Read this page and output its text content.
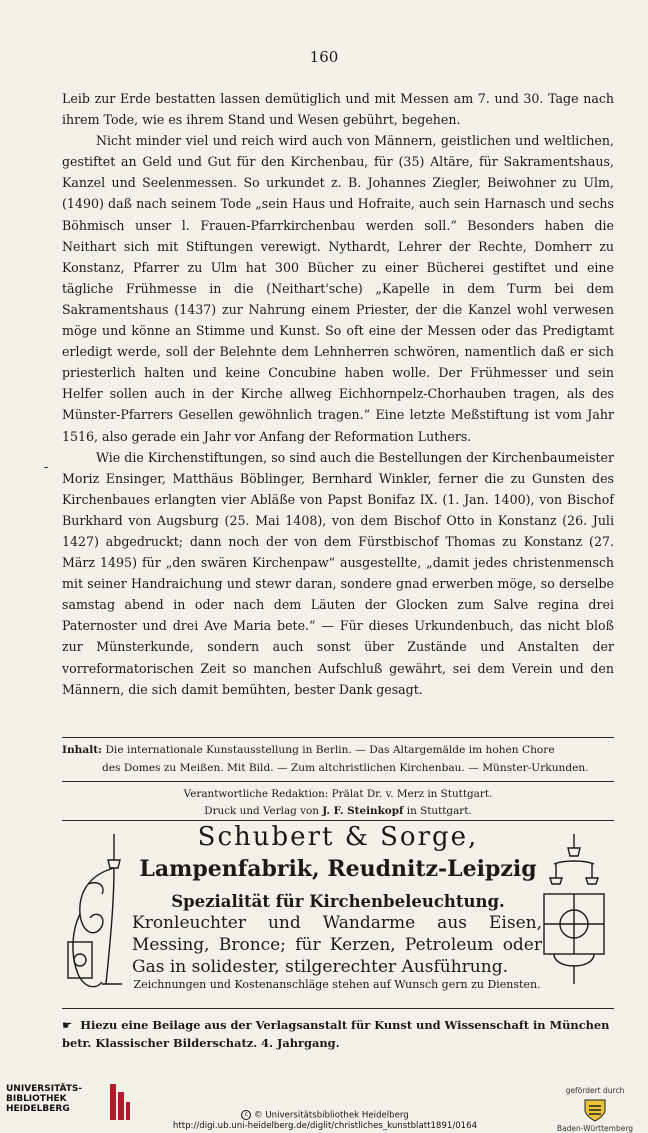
160
-

Leib zur Erde bestatten lassen demütiglich und mit Messen am 7. und 30. Tage nach ihrem Tode, wie es ihrem Stand und Wesen gebührt, begehen.

Nicht minder viel und reich wird auch von Männern, geistlichen und weltlichen, gestiftet an Geld und Gut für den Kirchenbau, für (35) Altäre, für Sakramentshaus, Kanzel und Seelenmessen. So urkundet z. B. Johannes Ziegler, Beiwohner zu Ulm, (1490) daß nach seinem Tode „sein Haus und Hofraite, auch sein Harnasch und sechs Böhmisch unser l. Frauen-Pfarrkirchenbau werden soll.“ Besonders haben die Neithart sich mit Stiftungen verewigt. Nythardt, Lehrer der Rechte, Domherr zu Konstanz, Pfarrer zu Ulm hat 300 Bücher zu einer Bücherei gestiftet und eine tägliche Frühmesse in die (Neithart'sche) „Kapelle in dem Turm bei dem Sakramentshaus (1437) zur Nahrung einem Priester, der die Kanzel wohl verwesen möge und könne an Stimme und Kunst. So oft eine der Messen oder das Predigtamt erledigt werde, soll der Belehnte dem Lehnherren schwören, namentlich daß er sich priesterlich halten und keine Concubine haben wolle. Der Frühmesser und sein Helfer sollen auch in der Kirche allweg Eichhornpelz-Chorhauben tragen, als des Münster-Pfarrers Gesellen gewöhnlich tragen.“ Eine letzte Meßstiftung ist vom Jahr 1516, also gerade ein Jahr vor Anfang der Reformation Luthers.

Wie die Kirchenstiftungen, so sind auch die Bestellungen der Kirchenbaumeister Moriz Ensinger, Matthäus Böblinger, Bernhard Winkler, ferner die zu Gunsten des Kirchenbaues erlangten vier Abläße von Papst Bonifaz IX. (1. Jan. 1400), von Bischof Burkhard von Augsburg (25. Mai 1408), von dem Bischof Otto in Konstanz (26. Juli 1427) abgedruckt; dann noch der von dem Fürstbischof Thomas zu Konstanz (27. März 1495) für „den swären Kirchenpaw“ ausgestellte, „damit jedes christenmensch mit seiner Handraichung und stewr daran, sondere gnad erwerben möge, so derselbe samstag abend in oder nach dem Läuten der Glocken zum Salve regina drei Paternoster und drei Ave Maria bete.“ — Für dieses Urkundenbuch, das nicht bloß zur Münsterkunde, sondern auch sonst über Zustände und Anstalten der vorreformatorischen Zeit so manchen Aufschluß gewährt, sei dem Verein und den Männern, die sich damit bemühten, bester Dank gesagt.

Inhalt: Die internationale Kunstausstellung in Berlin. — Das Altargemälde im hohen Chore
des Domes zu Meißen. Mit Bild. — Zum altchristlichen Kirchenbau. — Münster-Urkunden.
Verantwortliche Redaktion: Prälat Dr. v. Merz in Stuttgart.
Druck und Verlag von J. F. Steinkopf in Stuttgart.
Schubert & Sorge,
Lampenfabrik, Reudnitz-Leipzig
Spezialität für Kirchenbeleuchtung.
Kronleuchter und Wandarme aus Eisen, Messing, Bronce; für Kerzen, Petroleum oder Gas in solidester, stilgerechter Ausführung.
Zeichnungen und Kostenanschläge stehen auf Wunsch gern zu Diensten.
☛ Hiezu eine Beilage aus der Verlagsanstalt für Kunst und Wissenschaft in München betr. Klassischer Bilderschatz. 4. Jahrgang.
UNIVERSITÄTS-
BIBLIOTHEK
HEIDELBERG
c © Universitätsbibliothek Heidelberg
http://digi.ub.uni-heidelberg.de/diglit/christliches_kunstblatt1891/0164
gefördert durch
Baden-Württemberg
